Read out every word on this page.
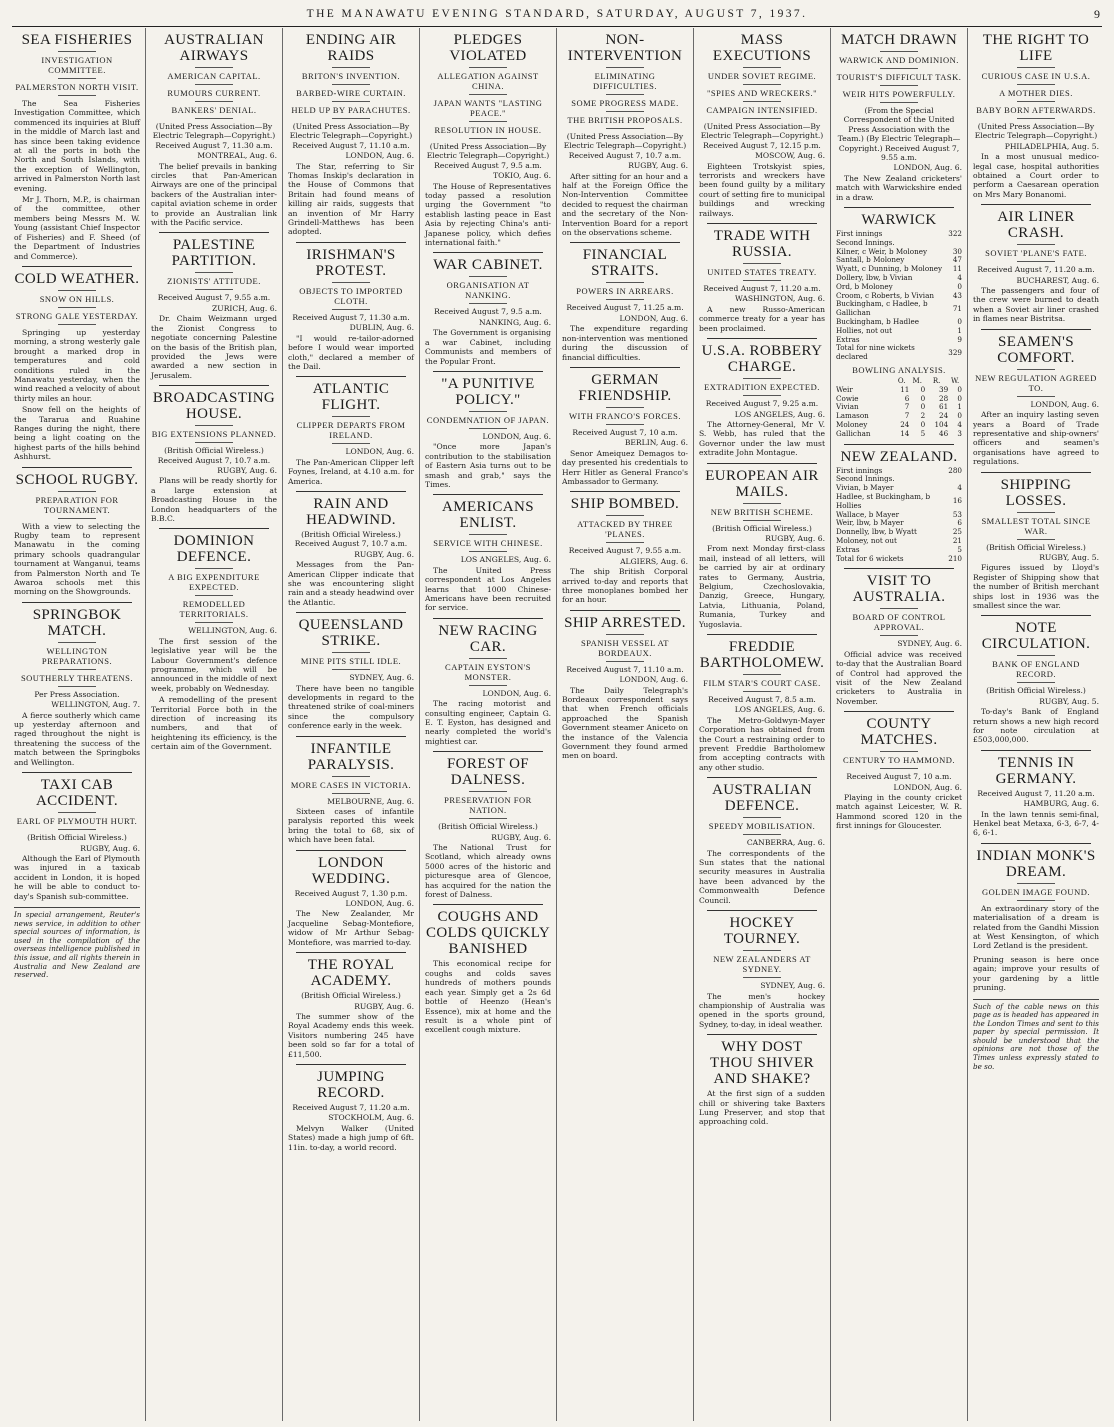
THE MANAWATU EVENING STANDARD, SATURDAY, AUGUST 7, 1937.	9
SEA FISHERIES
INVESTIGATION COMMITTEE.
PALMERSTON NORTH VISIT.

The Sea Fisheries Investigation Committee, which commenced its inquiries at Bluff in the middle of March last and has since been taking evidence at all the ports in both the North and South Islands, with the exception of Wellington, arrived in Palmerston North last evening.

Mr J. Thorn, M.P., is chairman of the committee, other members being Messrs M. W. Young (assistant Chief Inspector of Fisheries) and F. Sheed (of the Department of Industries and Commerce).

COLD WEATHER.
SNOW ON HILLS.
STRONG GALE YESTERDAY.

Springing up yesterday morning, a strong westerly gale brought a marked drop in temperatures and cold conditions ruled in the Manawatu yesterday, when the wind reached a velocity of about thirty miles an hour.

Snow fell on the heights of the Tararua and Ruahine Ranges during the night, there being a light coating on the highest parts of the hills behind Ashhurst.

SCHOOL RUGBY.
PREPARATION FOR TOURNAMENT.

With a view to selecting the Rugby team to represent Manawatu in the coming primary schools quadrangular tournament at Wanganui, teams from Palmerston North and Te Awaroa schools met this morning on the Showgrounds.

SPRINGBOK MATCH.
WELLINGTON PREPARATIONS.
SOUTHERLY THREATENS.
Per Press Association.
WELLINGTON, Aug. 7.

A fierce southerly which came up yesterday afternoon and raged throughout the night is threatening the success of the match between the Springboks and Wellington.

TAXI CAB ACCIDENT.
EARL OF PLYMOUTH HURT.
(British Official Wireless.)
RUGBY, Aug. 6.

Although the Earl of Plymouth was injured in a taxicab accident in London, it is hoped he will be able to conduct to-day's Spanish sub-committee.

In special arrangement, Reuter's news service, in addition to other special sources of information, is used in the compilation of the overseas intelligence published in this issue, and all rights therein in Australia and New Zealand are reserved.
AUSTRALIAN AIRWAYS
AMERICAN CAPITAL.
RUMOURS CURRENT.
BANKERS' DENIAL.
(United Press Association—By Electric Telegraph—Copyright.) Received August 7, 11.30 a.m.
MONTREAL, Aug. 6.

The belief prevails in banking circles that Pan-American Airways are one of the principal backers of the Australian inter-capital aviation scheme in order to provide an Australian link with the Pacific service.

PALESTINE PARTITION.
ZIONISTS' ATTITUDE.
Received August 7, 9.55 a.m.
ZURICH, Aug. 6.

Dr. Chaim Weizmann urged the Zionist Congress to negotiate concerning Palestine on the basis of the British plan, provided the Jews were awarded a new section in Jerusalem.

BROADCASTING HOUSE.
BIG EXTENSIONS PLANNED.
(British Official Wireless.) Received August 7, 10.7 a.m.
RUGBY, Aug. 6.

Plans will be ready shortly for a large extension at Broadcasting House in the London headquarters of the B.B.C.

DOMINION DEFENCE.
A BIG EXPENDITURE EXPECTED.
REMODELLED TERRITORIALS.
WELLINGTON, Aug. 6.

The first session of the legislative year will be the Labour Government's defence programme, which will be announced in the middle of next week, probably on Wednesday.

A remodelling of the present Territorial Force both in the direction of increasing its numbers, and that of heightening its efficiency, is the certain aim of the Government.

ENDING AIR RAIDS
BRITON'S INVENTION.
BARBED-WIRE CURTAIN.
HELD UP BY PARACHUTES.
(United Press Association—By Electric Telegraph—Copyright.) Received August 7, 11.10 a.m.
LONDON, Aug. 6.

The Star, referring to Sir Thomas Inskip's declaration in the House of Commons that Britain had found means of killing air raids, suggests that an invention of Mr Harry Grindell-Matthews has been adopted.

IRISHMAN'S PROTEST.
OBJECTS TO IMPORTED CLOTH.
Received August 7, 11.30 a.m.
DUBLIN, Aug. 6.

"I would re-tailor-adorned before I would wear imported cloth," declared a member of the Dail.

ATLANTIC FLIGHT.
CLIPPER DEPARTS FROM IRELAND.
LONDON, Aug. 6.

The Pan-American Clipper left Foynes, Ireland, at 4.10 a.m. for America.

RAIN AND HEADWIND.
(British Official Wireless.) Received August 7, 10.7 a.m.
RUGBY, Aug. 6.

Messages from the Pan-American Clipper indicate that she was encountering slight rain and a steady headwind over the Atlantic.

QUEENSLAND STRIKE.
MINE PITS STILL IDLE.
SYDNEY, Aug. 6.

There have been no tangible developments in regard to the threatened strike of coal-miners since the compulsory conference early in the week.

INFANTILE PARALYSIS.
MORE CASES IN VICTORIA.
MELBOURNE, Aug. 6.

Sixteen cases of infantile paralysis reported this week bring the total to 68, six of which have been fatal.

LONDON WEDDING.
Received August 7, 1.30 p.m.
LONDON, Aug. 6.

The New Zealander, Mr Jacqueline Sebag-Montefiore, widow of Mr Arthur Sebag-Montefiore, was married to-day.

THE ROYAL ACADEMY.
(British Official Wireless.)
RUGBY, Aug. 6.

The summer show of the Royal Academy ends this week. Visitors numbering 245 have been sold so far for a total of £11,500.

JUMPING RECORD.
Received August 7, 11.20 a.m.
STOCKHOLM, Aug. 6.

Melvyn Walker (United States) made a high jump of 6ft. 11in. to-day, a world record.

PLEDGES VIOLATED
ALLEGATION AGAINST CHINA.
JAPAN WANTS "LASTING PEACE."
RESOLUTION IN HOUSE.
(United Press Association—By Electric Telegraph—Copyright.) Received August 7, 9.5 a.m.
TOKIO, Aug. 6.

The House of Representatives today passed a resolution urging the Government "to establish lasting peace in East Asia by rejecting China's anti-Japanese policy, which defies international faith."

WAR CABINET.
ORGANISATION AT NANKING.
Received August 7, 9.5 a.m.
NANKING, Aug. 6.

The Government is organising a war Cabinet, including Communists and members of the Popular Front.

"A PUNITIVE POLICY."
CONDEMNATION OF JAPAN.
LONDON, Aug. 6.

"Once more Japan's contribution to the stabilisation of Eastern Asia turns out to be smash and grab," says the Times.

AMERICANS ENLIST.
SERVICE WITH CHINESE.
LOS ANGELES, Aug. 6.

The United Press correspondent at Los Angeles learns that 1000 Chinese-Americans have been recruited for service.

NEW RACING CAR.
CAPTAIN EYSTON'S MONSTER.
LONDON, Aug. 6.

The racing motorist and consulting engineer, Captain G. E. T. Eyston, has designed and nearly completed the world's mightiest car.

FOREST OF DALNESS.
PRESERVATION FOR NATION.
(British Official Wireless.)
RUGBY, Aug. 6.

The National Trust for Scotland, which already owns 5000 acres of the historic and picturesque area of Glencoe, has acquired for the nation the forest of Dalness.

COUGHS AND COLDS QUICKLY BANISHED

This economical recipe for coughs and colds saves hundreds of mothers pounds each year. Simply get a 2s 6d bottle of Heenzo (Hean's Essence), mix at home and the result is a whole pint of excellent cough mixture.

NON-INTERVENTION
ELIMINATING DIFFICULTIES.
SOME PROGRESS MADE.
THE BRITISH PROPOSALS.
(United Press Association—By Electric Telegraph—Copyright.) Received August 7, 10.7 a.m.
RUGBY, Aug. 6.

After sitting for an hour and a half at the Foreign Office the Non-Intervention Committee decided to request the chairman and the secretary of the Non-Intervention Board for a report on the observations scheme.

FINANCIAL STRAITS.
POWERS IN ARREARS.
Received August 7, 11.25 a.m.
LONDON, Aug. 6.

The expenditure regarding non-intervention was mentioned during the discussion of financial difficulties.

GERMAN FRIENDSHIP.
WITH FRANCO'S FORCES.
Received August 7, 10 a.m.
BERLIN, Aug. 6.

Senor Ameiquez Demagos to-day presented his credentials to Herr Hitler as General Franco's Ambassador to Germany.

SHIP BOMBED.
ATTACKED BY THREE 'PLANES.
Received August 7, 9.55 a.m.
ALGIERS, Aug. 6.

The ship British Corporal arrived to-day and reports that three monoplanes bombed her for an hour.

SHIP ARRESTED.
SPANISH VESSEL AT BORDEAUX.
Received August 7, 11.10 a.m.
LONDON, Aug. 6.

The Daily Telegraph's Bordeaux correspondent says that when French officials approached the Spanish Government steamer Aniceto on the instance of the Valencia Government they found armed men on board.

MASS EXECUTIONS
UNDER SOVIET REGIME.
"SPIES AND WRECKERS."
CAMPAIGN INTENSIFIED.
(United Press Association—By Electric Telegraph—Copyright.) Received August 7, 12.15 p.m.
MOSCOW, Aug. 6.

Eighteen Trotskyist spies, terrorists and wreckers have been found guilty by a military court of setting fire to municipal buildings and wrecking railways.

TRADE WITH RUSSIA.
UNITED STATES TREATY.
Received August 7, 11.20 a.m.
WASHINGTON, Aug. 6.

A new Russo-American commerce treaty for a year has been proclaimed.

U.S.A. ROBBERY CHARGE.
EXTRADITION EXPECTED.
Received August 7, 9.25 a.m.
LOS ANGELES, Aug. 6.

The Attorney-General, Mr V. S. Webb, has ruled that the Governor under the law must extradite John Montague.

EUROPEAN AIR MAILS.
NEW BRITISH SCHEME.
(British Official Wireless.)
RUGBY, Aug. 6.

From next Monday first-class mail, instead of all letters, will be carried by air at ordinary rates to Germany, Austria, Belgium, Czechoslovakia, Danzig, Greece, Hungary, Latvia, Lithuania, Poland, Rumania, Turkey and Yugoslavia.

FREDDIE BARTHOLOMEW.
FILM STAR'S COURT CASE.
Received August 7, 8.5 a.m.
LOS ANGELES, Aug. 6.

The Metro-Goldwyn-Mayer Corporation has obtained from the Court a restraining order to prevent Freddie Bartholomew from accepting contracts with any other studio.

AUSTRALIAN DEFENCE.
SPEEDY MOBILISATION.
CANBERRA, Aug. 6.

The correspondents of the Sun states that the national security measures in Australia have been advanced by the Commonwealth Defence Council.

HOCKEY TOURNEY.
NEW ZEALANDERS AT SYDNEY.
SYDNEY, Aug. 6.

The men's hockey championship of Australia was opened in the sports ground, Sydney, to-day, in ideal weather.

WHY DOST THOU SHIVER AND SHAKE?

At the first sign of a sudden chill or shivering take Baxters Lung Preserver, and stop that approaching cold.

MATCH DRAWN
WARWICK AND DOMINION.
TOURIST'S DIFFICULT TASK.
WEIR HITS POWERFULLY.
(From the Special Correspondent of the United Press Association with the Team.) (By Electric Telegraph—Copyright.) Received August 7, 9.55 a.m.
LONDON, Aug. 6.

The New Zealand cricketers' match with Warwickshire ended in a draw.

WARWICK
First innings		322
Second Innings.	
Kilner, c Weir, b Moloney		30
Santall, b Moloney		47
Wyatt, c Dunning, b Moloney		11
Dollery, lbw, b Vivian		4
Ord, b Moloney		0
Croom, c Roberts, b Vivian		43
Buckingham, c Hadlee, b Gallichan		71
Buckingham, b Hadlee		0
Hollies, not out		1
Extras		9
Total for nine wickets declared		329
BOWLING ANALYSIS.
	O.	M.	R.	W.
Weir	11	0	39	0
Cowie	6	0	28	0
Vivian	7	0	61	1
Lamason	7	2	24	0
Moloney	24	0	104	4
Gallichan	14	5	46	3
NEW ZEALAND.
First innings		280
Second Innings.	
Vivian, b Mayer		4
Hadlee, st Buckingham, b Hollies		16
Wallace, b Mayer		53
Weir, lbw, b Mayer		6
Donnelly, lbw, b Wyatt		25
Moloney, not out		21
Extras		5
Total for 6 wickets		210
VISIT TO AUSTRALIA.
BOARD OF CONTROL APPROVAL.
SYDNEY, Aug. 6.

Official advice was received to-day that the Australian Board of Control had approved the visit of the New Zealand cricketers to Australia in November.

COUNTY MATCHES.
CENTURY TO HAMMOND.
Received August 7, 10 a.m.
LONDON, Aug. 6.

Playing in the county cricket match against Leicester, W. R. Hammond scored 120 in the first innings for Gloucester.

THE RIGHT TO LIFE
CURIOUS CASE IN U.S.A.
A MOTHER DIES.
BABY BORN AFTERWARDS.
(United Press Association—By Electric Telegraph—Copyright.)
PHILADELPHIA, Aug. 5.

In a most unusual medico-legal case, hospital authorities obtained a Court order to perform a Caesarean operation on Mrs Mary Bonanomi.

AIR LINER CRASH.
SOVIET 'PLANE'S FATE.
Received August 7, 11.20 a.m.
BUCHAREST, Aug. 6.

The passengers and four of the crew were burned to death when a Soviet air liner crashed in flames near Bistritsa.

SEAMEN'S COMFORT.
NEW REGULATION AGREED TO.
LONDON, Aug. 6.

After an inquiry lasting seven years a Board of Trade representative and ship-owners' officers and seamen's organisations have agreed to regulations.

SHIPPING LOSSES.
SMALLEST TOTAL SINCE WAR.
(British Official Wireless.)
RUGBY, Aug. 5.

Figures issued by Lloyd's Register of Shipping show that the number of British merchant ships lost in 1936 was the smallest since the war.

NOTE CIRCULATION.
BANK OF ENGLAND RECORD.
(British Official Wireless.)
RUGBY, Aug. 5.

To-day's Bank of England return shows a new high record for note circulation at £503,000,000.

TENNIS IN GERMANY.
Received August 7, 11.20 a.m.
HAMBURG, Aug. 6.

In the lawn tennis semi-final, Henkel beat Metaxa, 6-3, 6-7, 4-6, 6-1.

INDIAN MONK'S DREAM.
GOLDEN IMAGE FOUND.

An extraordinary story of the materialisation of a dream is related from the Gandhi Mission at West Kensington, of which Lord Zetland is the president.

Pruning season is here once again; improve your results of your gardening by a little pruning.

Such of the cable news on this page as is headed has appeared in the London Times and sent to this paper by special permission. It should be understood that the opinions are not those of the Times unless expressly stated to be so.
